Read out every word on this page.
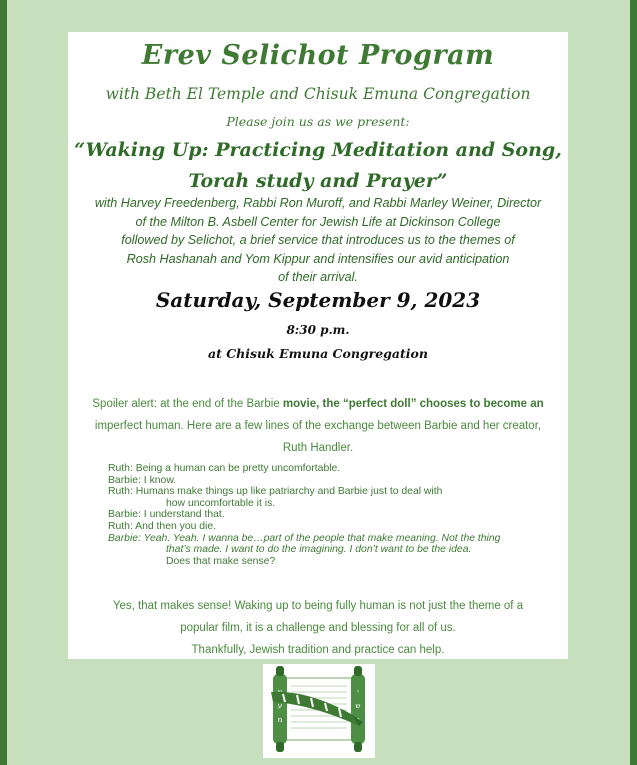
Erev Selichot Program
with Beth El Temple and Chisuk Emuna Congregation
Please join us as we present:
“Waking Up: Practicing Meditation and Song,
Torah study and Prayer”
with Harvey Freedenberg, Rabbi Ron Muroff, and Rabbi Marley Weiner, Director
of the Milton B. Asbell Center for Jewish Life at Dickinson College
followed by Selichot, a brief service that introduces us to the themes of
Rosh Hashanah and Yom Kippur and intensifies our avid anticipation
of their arrival.
Saturday, September 9, 2023
8:30 p.m.
at Chisuk Emuna Congregation
Spoiler alert: at the end of the Barbie movie, the “perfect doll” chooses to become an
imperfect human. Here are a few lines of the exchange between Barbie and her creator,
Ruth Handler.
Ruth: Being a human can be pretty uncomfortable.
Barbie: I know.
Ruth: Humans make things up like patriarchy and Barbie just to deal with
how uncomfortable it is.
Barbie: I understand that.
Ruth: And then you die.
Barbie: Yeah. Yeah. I wanna be…part of the people that make meaning. Not the thing
that’s made. I want to do the imagining. I don’t want to be the idea.
Does that make sense?
Yes, that makes sense! Waking up to being fully human is not just the theme of a
popular film, it is a challenge and blessing for all of us.
Thankfully, Jewish tradition and practice can help.
ע
מ
י
ש
